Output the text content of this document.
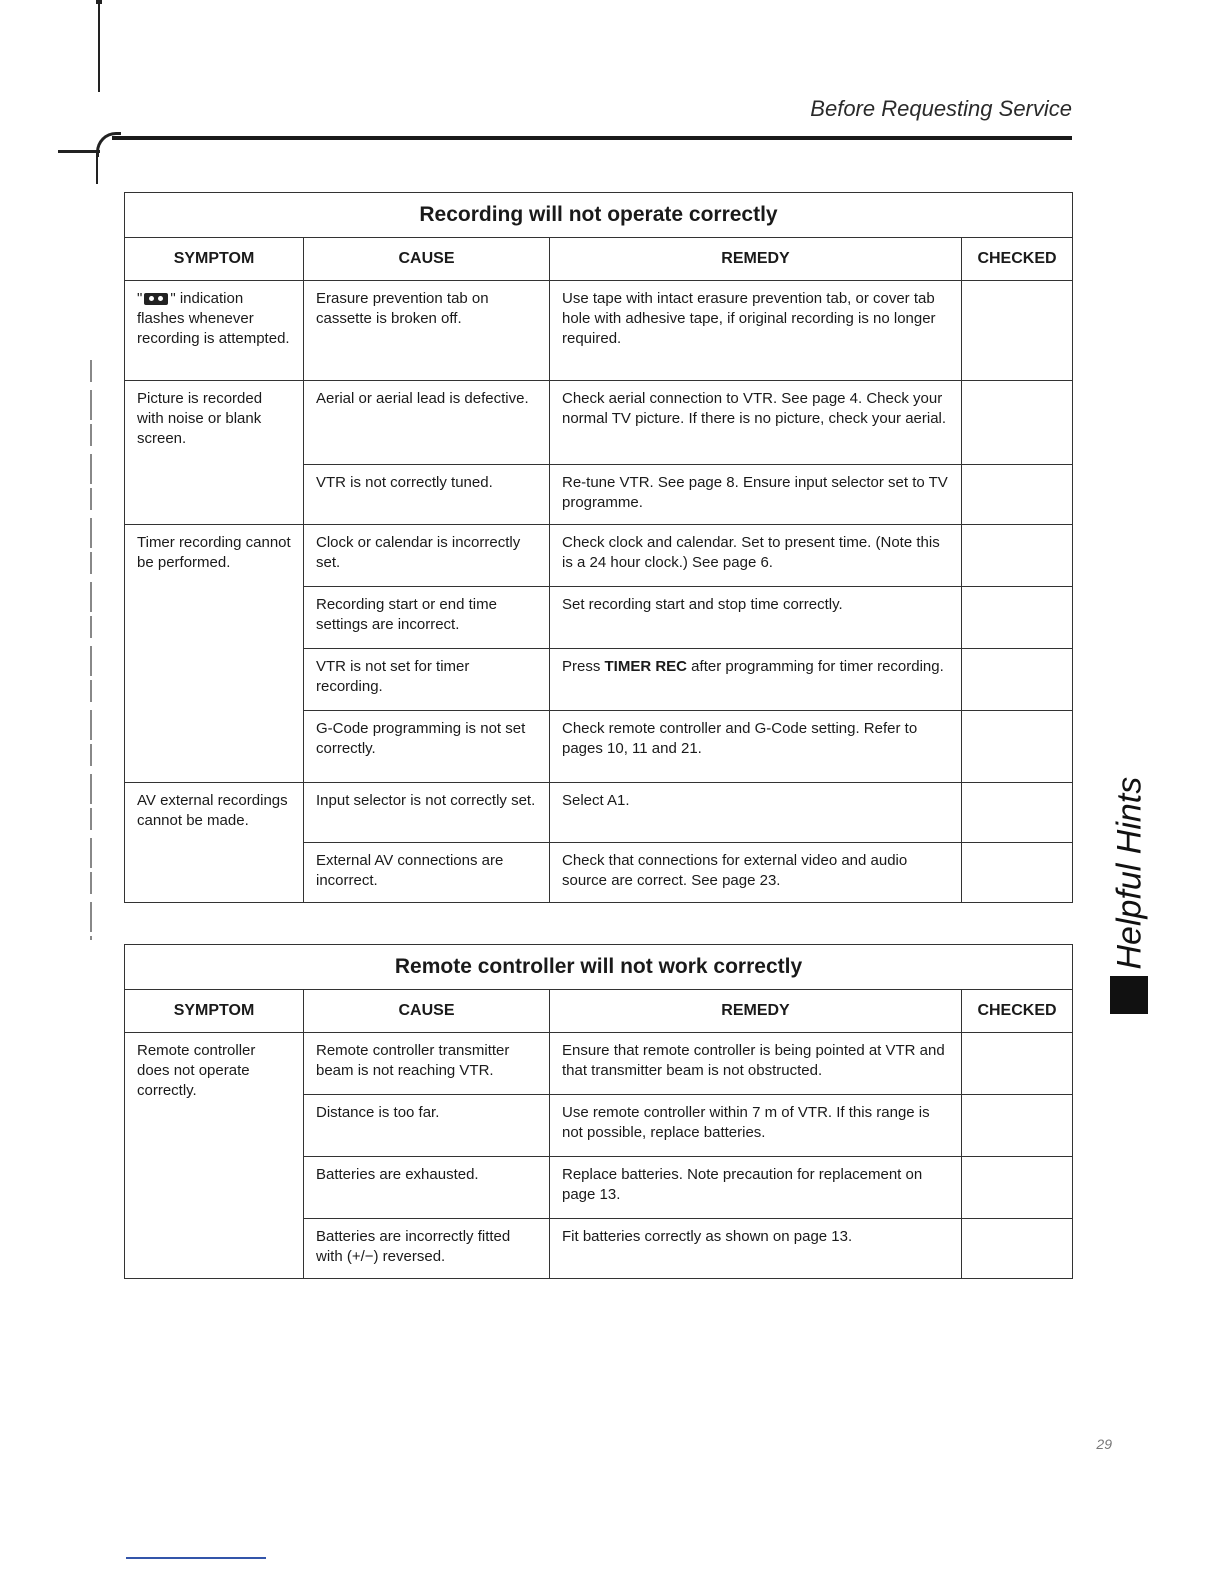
Before Requesting Service
Recording will not operate correctly			
SYMPTOM	CAUSE	REMEDY	CHECKED
" " indication flashes whenever recording is attempted.	Erasure prevention tab on cassette is broken off.	Use tape with intact erasure prevention tab, or cover tab hole with adhesive tape, if original recording is no longer required.	
Picture is recorded with noise or blank screen.	Aerial or aerial lead is defective.	Check aerial connection to VTR. See page 4. Check your normal TV picture. If there is no picture, check your aerial.	
	VTR is not correctly tuned.	Re-tune VTR. See page 8. Ensure input selector set to TV programme.	
Timer recording cannot be performed.	Clock or calendar is incorrectly set.	Check clock and calendar. Set to present time. (Note this is a 24 hour clock.) See page 6.	
	Recording start or end time settings are incorrect.	Set recording start and stop time correctly.	
	VTR is not set for timer recording.	Press TIMER REC after programming for timer recording.	
	G-Code programming is not set correctly.	Check remote controller and G-Code setting. Refer to pages 10, 11 and 21.	
AV external recordings cannot be made.	Input selector is not correctly set.	Select A1.	
	External AV connections are incorrect.	Check that connections for external video and audio source are correct. See page 23.	
Remote controller will not work correctly			
SYMPTOM	CAUSE	REMEDY	CHECKED
Remote controller does not operate correctly.	Remote controller transmitter beam is not reaching VTR.	Ensure that remote controller is being pointed at VTR and that transmitter beam is not obstructed.	
	Distance is too far.	Use remote controller within 7 m of VTR. If this range is not possible, replace batteries.	
	Batteries are exhausted.	Replace batteries. Note precaution for replacement on page 13.	
	Batteries are incorrectly fitted with (+/−) reversed.	Fit batteries correctly as shown on page 13.	
Helpful Hints
29
